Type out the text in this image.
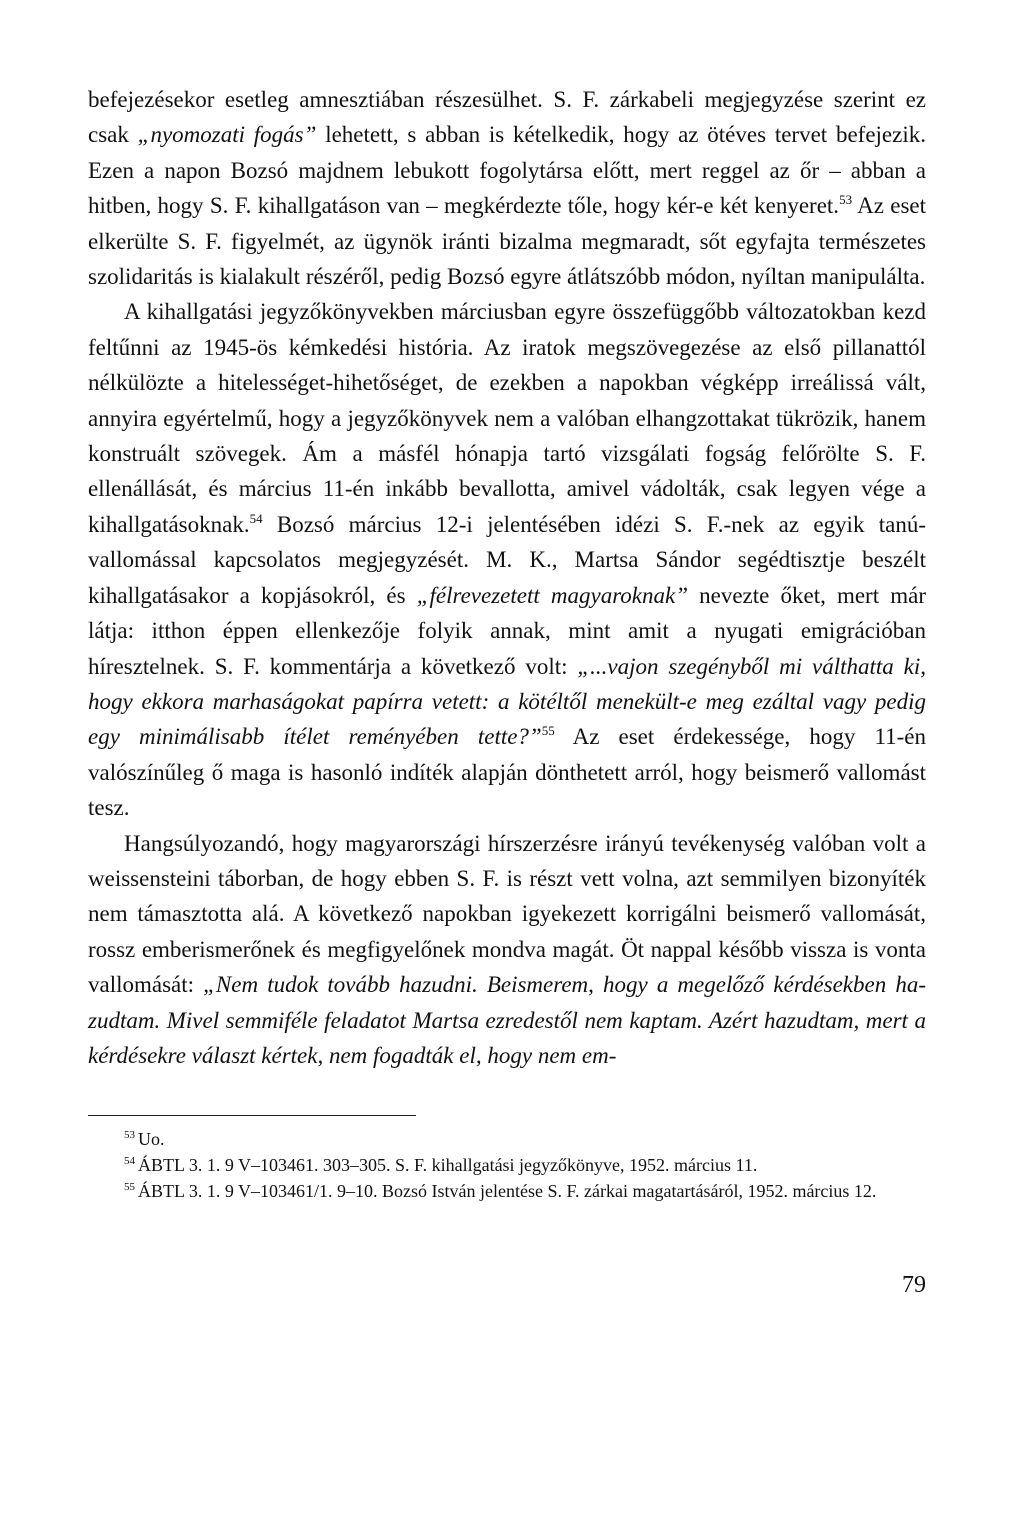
befejezésekor esetleg amnesztiában részesülhet. S. F. zárkabeli megjegyzése szerint ez csak „nyomozati fogás” lehetett, s abban is kételkedik, hogy az ötéves tervet befejezik. Ezen a napon Bozsó majdnem lebukott fogolytársa előtt, mert reggel az őr – abban a hitben, hogy S. F. kihallgatáson van – megkérdezte tőle, hogy kér-e két kenyeret.$^{53}$ Az eset elkerülte S. F. figyelmét, az ügynök iránti bizalma megmaradt, sőt egyfajta természetes szolidaritás is kialakult részéről, pedig Bozsó egyre átlátszóbb módon, nyíltan manipulálta.

A kihallgatási jegyzőkönyvekben márciusban egyre összefüggőbb változatokban kezd feltűnni az 1945-ös kémkedési história. Az iratok megszövegezése az első pillanattól nélkülözte a hitelességet-hihetőséget, de ezekben a napokban végképp irreálissá vált, annyira egyértelmű, hogy a jegyzőkönyvek nem a valóban elhangzottakat tükrözik, hanem konstruált szövegek. Ám a másfél hónapja tartó vizsgálati fogság felőrölte S. F. ellenállását, és március 11-én inkább bevallotta, amivel vádolták, csak legyen vége a kihallgatásoknak.$^{54}$ Bozsó március 12-i jelentésében idézi S. F.-nek az egyik tanúvallomással kapcsolatos megjegyzését. M. K., Martsa Sándor segédtisztje beszélt kihallgatásakor a kopjásokról, és „félrevezetett magyaroknak” nevezte őket, mert már látja: itthon éppen ellenkezője folyik annak, mint amit a nyugati emigrációban híresztelnek. S. F. kommentárja a következő volt: „...vajon szegényből mi válthatta ki, hogy ekkora marhaságokat papírra vetett: a kötéltől menekült-e meg ezáltal vagy pedig egy minimálisabb ítélet reményében tette?”$^{55}$ Az eset érdekessége, hogy 11-én valószínűleg ő maga is hasonló indíték alapján dönthetett arról, hogy beismerő vallomást tesz.

Hangsúlyozandó, hogy magyarországi hírszerzésre irányú tevékenység valóban volt a weissensteini táborban, de hogy ebben S. F. is részt vett volna, azt semmilyen bizonyíték nem támasztotta alá. A következő napokban igyekezett korrigálni beismerő vallomását, rossz emberismerőnek és megfigyelőnek mondva magát. Öt nappal később vissza is vonta vallomását: „Nem tudok tovább hazudni. Beismerem, hogy a megelőző kérdésekben hazudtam. Mivel semmiféle feladatot Martsa ezredestől nem kaptam. Azért hazudtam, mert a kérdésekre választ kértek, nem fogadták el, hogy nem em-

$^{53}$ Uo.

$^{54}$ ÁBTL 3. 1. 9 V–103461. 303–305. S. F. kihallgatási jegyzőkönyve, 1952. március 11.

$^{55}$ ÁBTL 3. 1. 9 V–103461/1. 9–10. Bozsó István jelentése S. F. zárkai magatartásáról, 1952. március 12.

79
